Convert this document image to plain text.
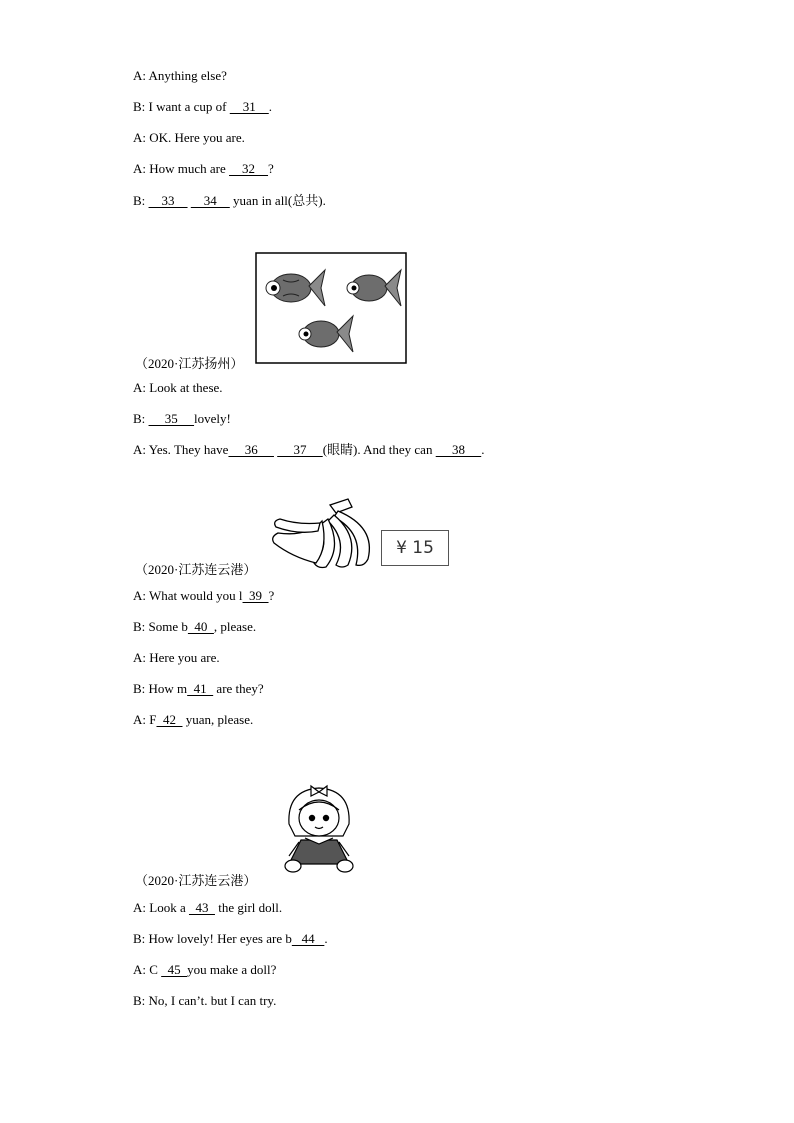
A: Anything else?
B: I want a cup of     31    .
A: OK. Here you are.
A: How much are     32    ?
B:     33         34     yuan in all(总共).
（2020·江苏扬州）
A: Look at these.
B:      35     lovely!
A: Yes. They have     36           37     (眼睛). And they can      38     .
¥ 15
（2020·江苏连云港）
A: What would you l  39  ?
B: Some b  40  , please.
A: Here you are.
B: How m  41   are they?
A: F  42   yuan, please.
（2020·江苏连云港）
A: Look a   43   the girl doll.
B: How lovely! Her eyes are b   44   .
A: C   45  you make a doll?
B: No, I can’t. but I can try.
